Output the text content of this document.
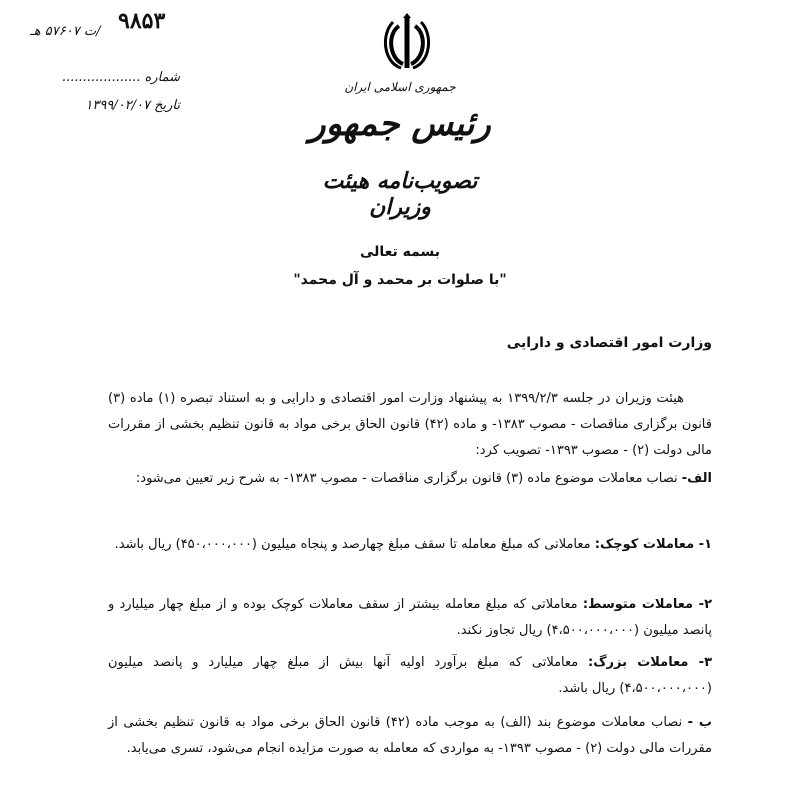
۹۸۵۳
/ت ۵۷۶۰۷ هـ
شماره ...................
تاریخ ۱۳۹۹/۰۲/۰۷
جمهوری اسلامی ایران
رئیس جمهور
تصویب‌نامه هیئت وزیران
بسمه تعالی
"با صلوات بر محمد و آل محمد"
وزارت امور اقتصادی و دارایی
هیئت وزیران در جلسه ۱۳۹۹/۲/۳ به پیشنهاد وزارت امور اقتصادی و دارایی و به استناد تبصره (۱) ماده (۳) قانون برگزاری مناقصات - مصوب ۱۳۸۳- و ماده (۴۲) قانون الحاق برخی مواد به قانون تنظیم بخشی از مقررات مالی دولت (۲) - مصوب ۱۳۹۳- تصویب کرد:
الف- نصاب معاملات موضوع ماده (۳) قانون برگزاری مناقصات - مصوب ۱۳۸۳- به شرح زیر تعیین می‌شود:
۱- معاملات کوچک: معاملاتی که مبلغ معامله تا سقف مبلغ چهارصد و پنجاه میلیون (۴۵۰،۰۰۰،۰۰۰) ریال باشد.
۲- معاملات متوسط: معاملاتی که مبلغ معامله بیشتر از سقف معاملات کوچک بوده و از مبلغ چهار میلیارد و پانصد میلیون (۴،۵۰۰،۰۰۰،۰۰۰) ریال تجاوز نکند.
۳- معاملات بزرگ: معاملاتی که مبلغ برآورد اولیه آنها بیش از مبلغ چهار میلیارد و پانصد میلیون (۴،۵۰۰،۰۰۰،۰۰۰) ریال باشد.
ب - نصاب معاملات موضوع بند (الف) به موجب ماده (۴۲) قانون الحاق برخی مواد به قانون تنظیم بخشی از مقررات مالی دولت (۲) - مصوب ۱۳۹۳- به مواردی که معامله به صورت مزایده انجام می‌شود، تسری می‌یابد.
